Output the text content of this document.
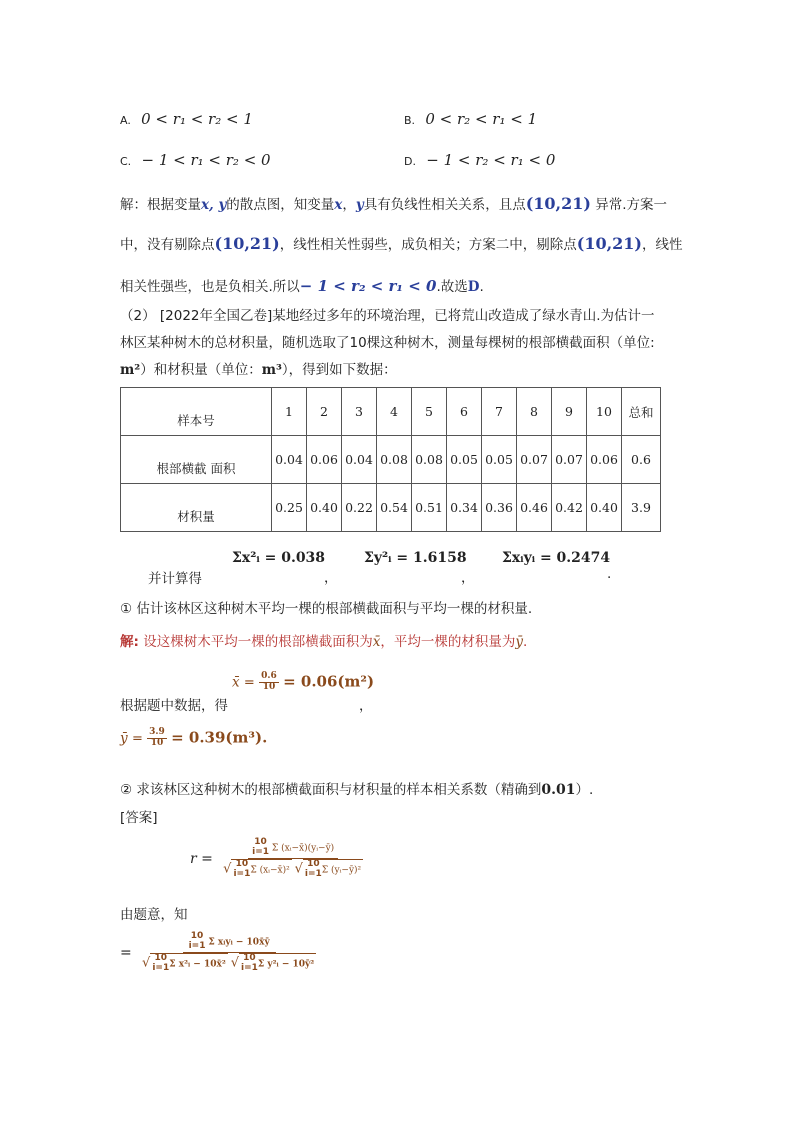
A. 0 < r₁ < r₂ < 1	B. 0 < r₂ < r₁ < 1
C. − 1 < r₁ < r₂ < 0	D. − 1 < r₂ < r₁ < 0
解：根据变量x, y的散点图，知变量x，y具有负线性相关关系，且点(10,21) 异常.方案一
中，没有剔除点(10,21)，线性相关性弱些，成负相关；方案二中，剔除点(10,21)，线性
相关性强些，也是负相关.所以− 1 < r₂ < r₁ < 0.故选D.
（2） [2022年全国乙卷]某地经过多年的环境治理，已将荒山改造成了绿水青山.为估计一
林区某种树木的总材积量，随机选取了10棵这种树木，测量每棵树的根部横截面积（单位:
m²）和材积量（单位：m³），得到如下数据：
样本号	1	2	3	4	5	6	7	8	9	10	总和
根部横截 面积	0.04	0.06	0.04	0.08	0.08	0.05	0.05	0.07	0.07	0.06	0.6
材积量	0.25	0.40	0.22	0.54	0.51	0.34	0.36	0.46	0.42	0.40	3.9
并计算得
Σx²ᵢ = 0.038
，
Σy²ᵢ = 1.6158
，
Σxᵢyᵢ = 0.2474
.
① 估计该林区这种树木平均一棵的根部横截面积与平均一棵的材积量.
解: 设这棵树木平均一棵的根部横截面积为x̄，平均一棵的材积量为ȳ.
根据题中数据，得
x̄ = $\frac{0.6}{10} = 0.06(m^2)$
，
ȳ = $\frac{3.9}{10} = 0.39(m^3)$.
② 求该林区这种树木的根部横截面积与材积量的样本相关系数（精确到0.01）.
[答案]
r = 10
i=1 Σ (xᵢ−x̄)(yᵢ−ȳ)
√ 10
i=1 Σ (xᵢ−x̄)² √ 10
i=1 Σ (yᵢ−ȳ)²
由题意，知
= 10
i=1 Σ xᵢyᵢ − 10x̄ȳ
√ 10
i=1 Σ x²ᵢ − 10x̄² √ 10
i=1 Σ y²ᵢ − 10ȳ²
